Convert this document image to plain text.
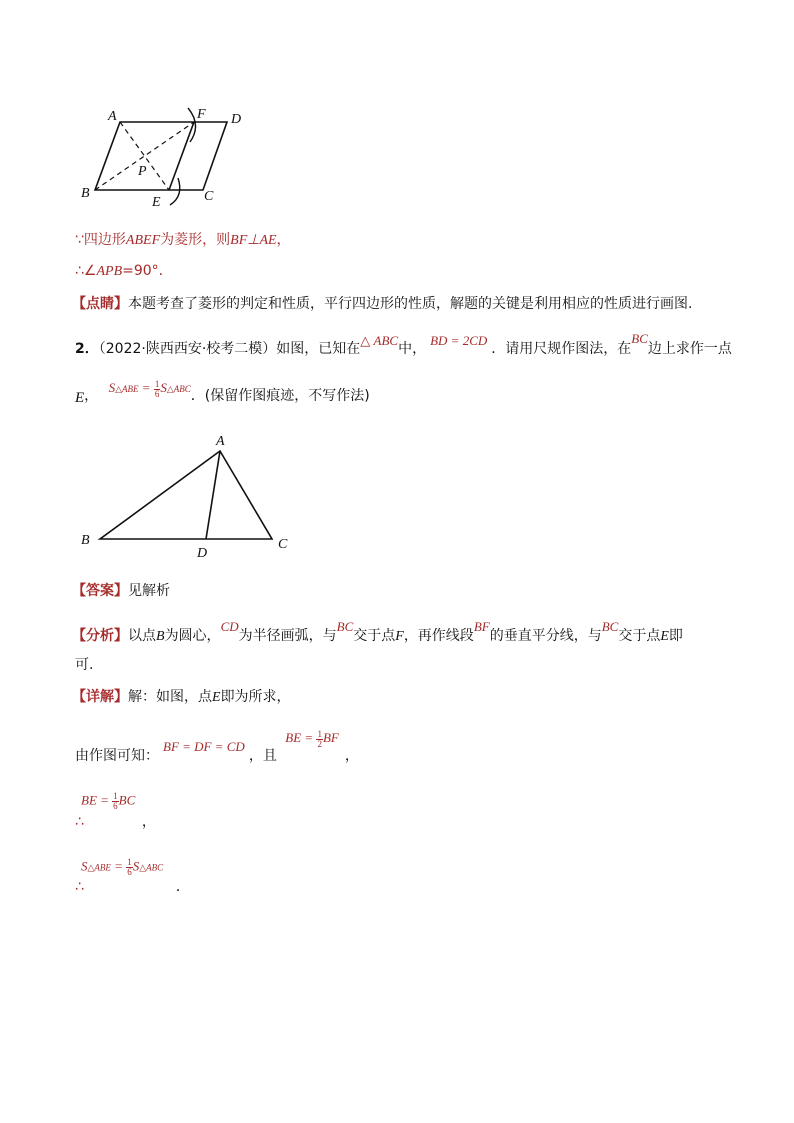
A	F D
P
B
E	C
∵四边形ABEF为菱形，则BF⊥AE，
∴∠APB=90°．
【点睛】本题考查了菱形的判定和性质，平行四边形的性质，解题的关键是利用相应的性质进行画图.
2．（2022·陕西西安·校考二模）如图，已知在△ ABC中，BD = 2CD．请用尺规作图法，在BC边上求作一点
E， S△ABE = $\frac{1}{6}$ S△ABC．(保留作图痕迹，不写作法)
A
B
D
C
【答案】见解析
【分析】以点B为圆心，CD为半径画弧，与BC交于点F，再作线段BF的垂直平分线，与BC交于点E即
可.
【详解】解：如图，点E即为所求，
由作图可知：BF = DF = CD，且 BE = $\frac{1}{2}$ BF，
BE = $\frac{1}{6}$ BC
∴	，
S△ABE = $\frac{1}{6}$ S△ABC
∴	．
